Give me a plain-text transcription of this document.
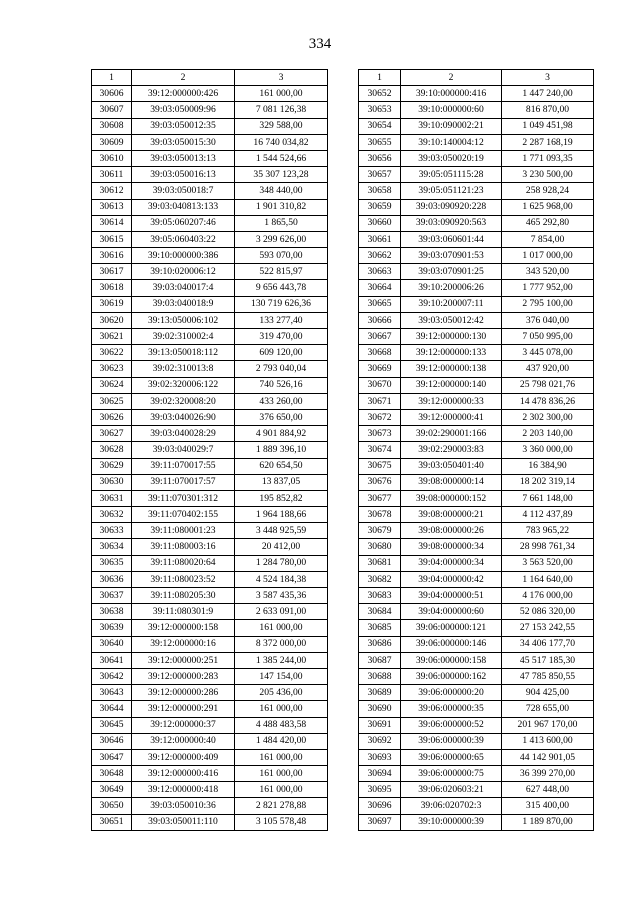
334
1	2	3
30606	39:12:000000:426	161 000,00
30607	39:03:050009:96	7 081 126,38
30608	39:03:050012:35	329 588,00
30609	39:03:050015:30	16 740 034,82
30610	39:03:050013:13	1 544 524,66
30611	39:03:050016:13	35 307 123,28
30612	39:03:050018:7	348 440,00
30613	39:03:040813:133	1 901 310,82
30614	39:05:060207:46	1 865,50
30615	39:05:060403:22	3 299 626,00
30616	39:10:000000:386	593 070,00
30617	39:10:020006:12	522 815,97
30618	39:03:040017:4	9 656 443,78
30619	39:03:040018:9	130 719 626,36
30620	39:13:050006:102	133 277,40
30621	39:02:310002:4	319 470,00
30622	39:13:050018:112	609 120,00
30623	39:02:310013:8	2 793 040,04
30624	39:02:320006:122	740 526,16
30625	39:02:320008:20	433 260,00
30626	39:03:040026:90	376 650,00
30627	39:03:040028:29	4 901 884,92
30628	39:03:040029:7	1 889 396,10
30629	39:11:070017:55	620 654,50
30630	39:11:070017:57	13 837,05
30631	39:11:070301:312	195 852,82
30632	39:11:070402:155	1 964 188,66
30633	39:11:080001:23	3 448 925,59
30634	39:11:080003:16	20 412,00
30635	39:11:080020:64	1 284 780,00
30636	39:11:080023:52	4 524 184,38
30637	39:11:080205:30	3 587 435,36
30638	39:11:080301:9	2 633 091,00
30639	39:12:000000:158	161 000,00
30640	39:12:000000:16	8 372 000,00
30641	39:12:000000:251	1 385 244,00
30642	39:12:000000:283	147 154,00
30643	39:12:000000:286	205 436,00
30644	39:12:000000:291	161 000,00
30645	39:12:000000:37	4 488 483,58
30646	39:12:000000:40	1 484 420,00
30647	39:12:000000:409	161 000,00
30648	39:12:000000:416	161 000,00
30649	39:12:000000:418	161 000,00
30650	39:03:050010:36	2 821 278,88
30651	39:03:050011:110	3 105 578,48
1	2	3
30652	39:10:000000:416	1 447 240,00
30653	39:10:000000:60	816 870,00
30654	39:10:090002:21	1 049 451,98
30655	39:10:140004:12	2 287 168,19
30656	39:03:050020:19	1 771 093,35
30657	39:05:051115:28	3 230 500,00
30658	39:05:051121:23	258 928,24
30659	39:03:090920:228	1 625 968,00
30660	39:03:090920:563	465 292,80
30661	39:03:060601:44	7 854,00
30662	39:03:070901:53	1 017 000,00
30663	39:03:070901:25	343 520,00
30664	39:10:200006:26	1 777 952,00
30665	39:10:200007:11	2 795 100,00
30666	39:03:050012:42	376 040,00
30667	39:12:000000:130	7 050 995,00
30668	39:12:000000:133	3 445 078,00
30669	39:12:000000:138	437 920,00
30670	39:12:000000:140	25 798 021,76
30671	39:12:000000:33	14 478 836,26
30672	39:12:000000:41	2 302 300,00
30673	39:02:290001:166	2 203 140,00
30674	39:02:290003:83	3 360 000,00
30675	39:03:050401:40	16 384,90
30676	39:08:000000:14	18 202 319,14
30677	39:08:000000:152	7 661 148,00
30678	39:08:000000:21	4 112 437,89
30679	39:08:000000:26	783 965,22
30680	39:08:000000:34	28 998 761,34
30681	39:04:000000:34	3 563 520,00
30682	39:04:000000:42	1 164 640,00
30683	39:04:000000:51	4 176 000,00
30684	39:04:000000:60	52 086 320,00
30685	39:06:000000:121	27 153 242,55
30686	39:06:000000:146	34 406 177,70
30687	39:06:000000:158	45 517 185,30
30688	39:06:000000:162	47 785 850,55
30689	39:06:000000:20	904 425,00
30690	39:06:000000:35	728 655,00
30691	39:06:000000:52	201 967 170,00
30692	39:06:000000:39	1 413 600,00
30693	39:06:000000:65	44 142 901,05
30694	39:06:000000:75	36 399 270,00
30695	39:06:020603:21	627 448,00
30696	39:06:020702:3	315 400,00
30697	39:10:000000:39	1 189 870,00
